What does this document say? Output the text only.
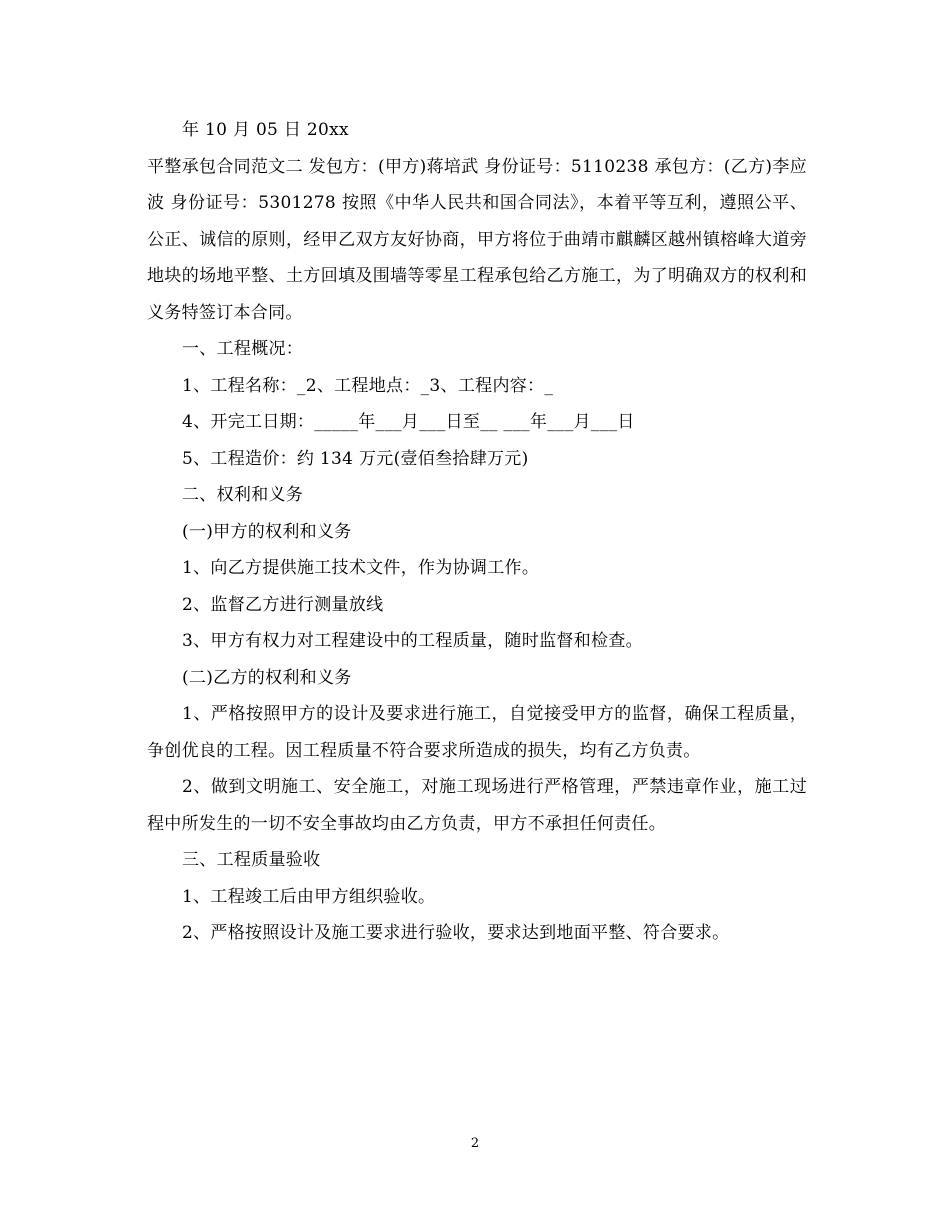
年 10 月 05 日 20xx

平整承包合同范文二 发包方：(甲方)蒋培武 身份证号：5110238 承包方：(乙方)李应波 身份证号：5301278 按照《中华人民共和国合同法》，本着平等互利，遵照公平、公正、诚信的原则，经甲乙双方友好协商，甲方将位于曲靖市麒麟区越州镇榕峰大道旁地块的场地平整、土方回填及围墙等零星工程承包给乙方施工，为了明确双方的权利和义务特签订本合同。

一、工程概况：

1、工程名称：_2、工程地点：_3、工程内容：_

4、开完工日期：_____年___月___日至__ ___年___月___日

5、工程造价：约 134 万元(壹佰叁拾肆万元)

二、权利和义务

(一)甲方的权利和义务

1、向乙方提供施工技术文件，作为协调工作。

2、监督乙方进行测量放线

3、甲方有权力对工程建设中的工程质量，随时监督和检查。

(二)乙方的权利和义务

1、严格按照甲方的设计及要求进行施工，自觉接受甲方的监督，确保工程质量，争创优良的工程。因工程质量不符合要求所造成的损失，均有乙方负责。

2、做到文明施工、安全施工，对施工现场进行严格管理，严禁违章作业，施工过程中所发生的一切不安全事故均由乙方负责，甲方不承担任何责任。

三、工程质量验收

1、工程竣工后由甲方组织验收。

2、严格按照设计及施工要求进行验收，要求达到地面平整、符合要求。

2
